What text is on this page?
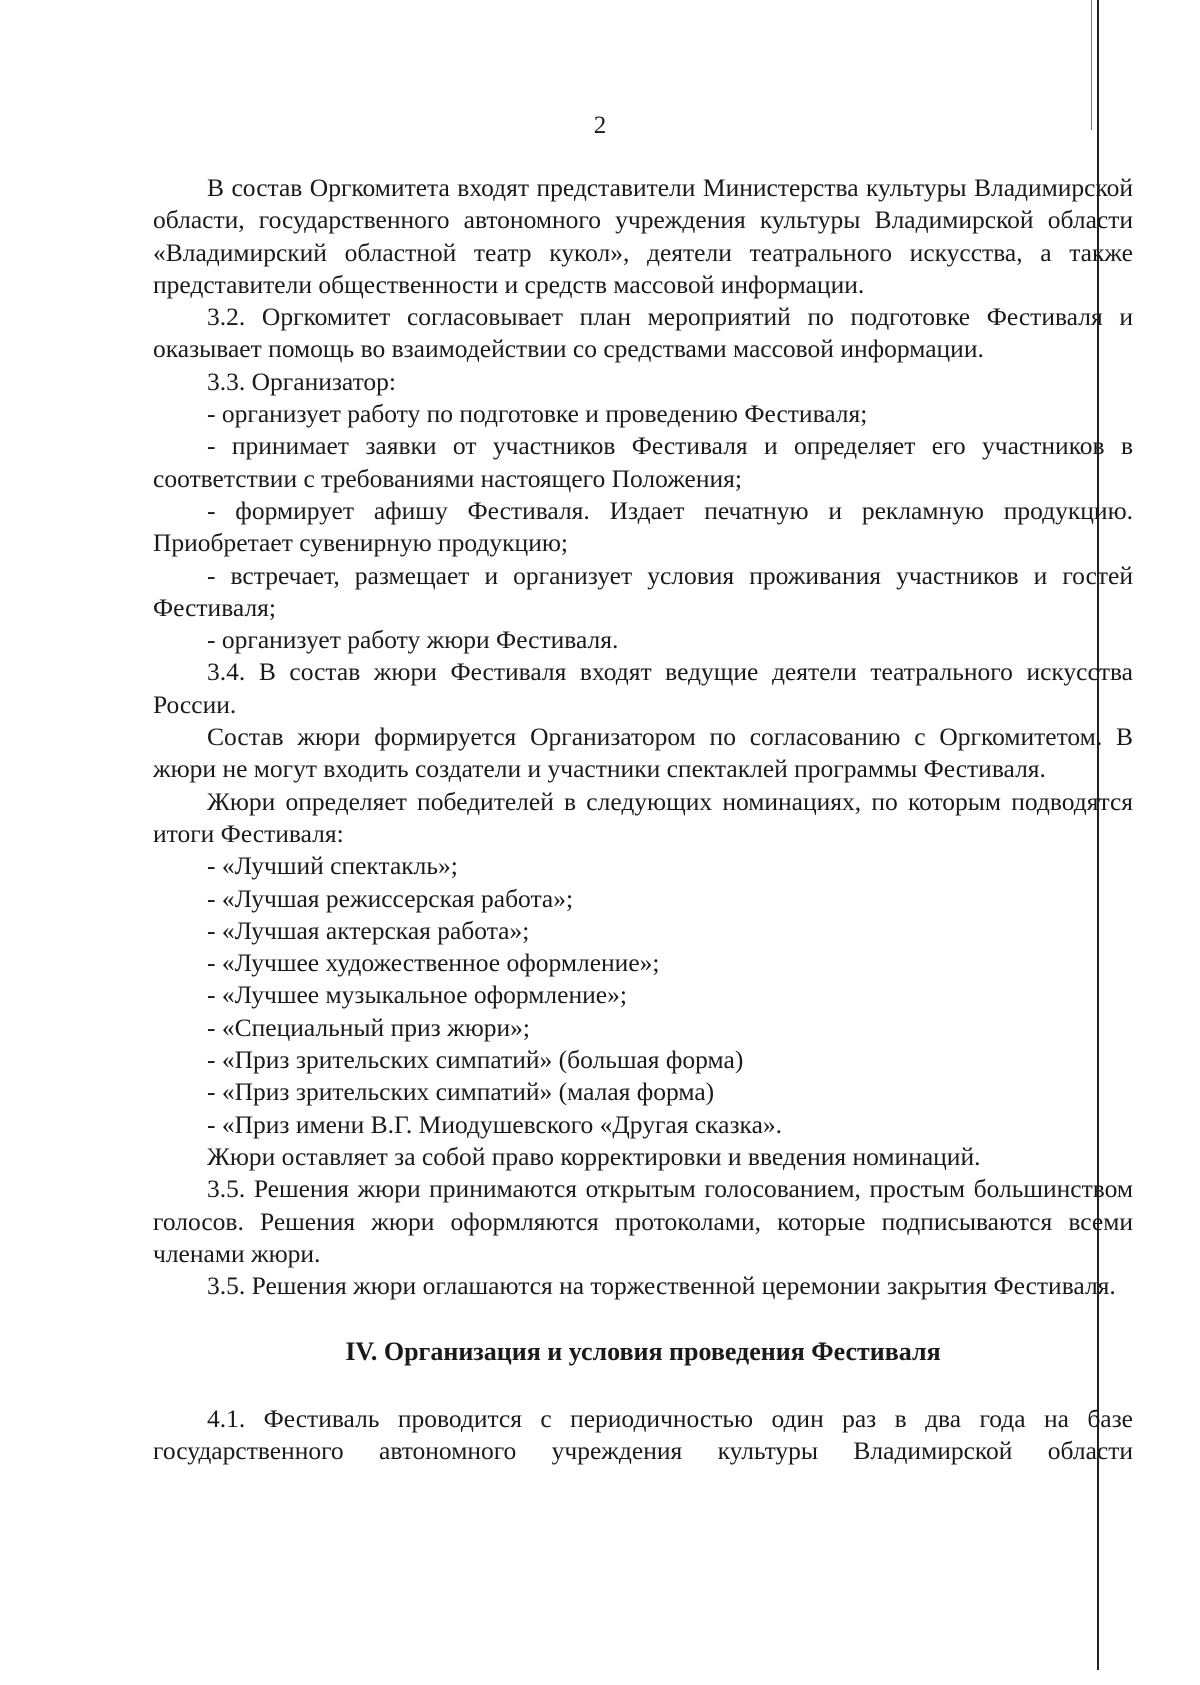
2

В состав Оргкомитета входят представители Министерства культуры Владимирской области, государственного автономного учреждения культуры Владимирской области «Владимирский областной театр кукол», деятели театрального искусства, а также представители общественности и средств массовой информации.

3.2. Оргкомитет согласовывает план мероприятий по подготовке Фестиваля и оказывает помощь во взаимодействии со средствами массовой информации.

3.3. Организатор:

- организует работу по подготовке и проведению Фестиваля;

- принимает заявки от участников Фестиваля и определяет его участников в соответствии с требованиями настоящего Положения;

- формирует афишу Фестиваля. Издает печатную и рекламную продукцию. Приобретает сувенирную продукцию;

- встречает, размещает и организует условия проживания участников и гостей Фестиваля;

- организует работу жюри Фестиваля.

3.4. В состав жюри Фестиваля входят ведущие деятели театрального искусства России.

Состав жюри формируется Организатором по согласованию с Оргкомитетом. В жюри не могут входить создатели и участники спектаклей программы Фестиваля.

Жюри определяет победителей в следующих номинациях, по которым подводятся итоги Фестиваля:

- «Лучший спектакль»;

- «Лучшая режиссерская работа»;

- «Лучшая актерская работа»;

- «Лучшее художественное оформление»;

- «Лучшее музыкальное оформление»;

- «Специальный приз жюри»;

- «Приз зрительских симпатий» (большая форма)

- «Приз зрительских симпатий» (малая форма)

- «Приз имени В.Г. Миодушевского «Другая сказка».

Жюри оставляет за собой право корректировки и введения номинаций.

3.5. Решения жюри принимаются открытым голосованием, простым большинством голосов. Решения жюри оформляются протоколами, которые подписываются всеми членами жюри.

3.5. Решения жюри оглашаются на торжественной церемонии закрытия Фестиваля.

IV. Организация и условия проведения Фестиваля

4.1. Фестиваль проводится с периодичностью один раз в два года на базе государственного автономного учреждения культуры Владимирской области
